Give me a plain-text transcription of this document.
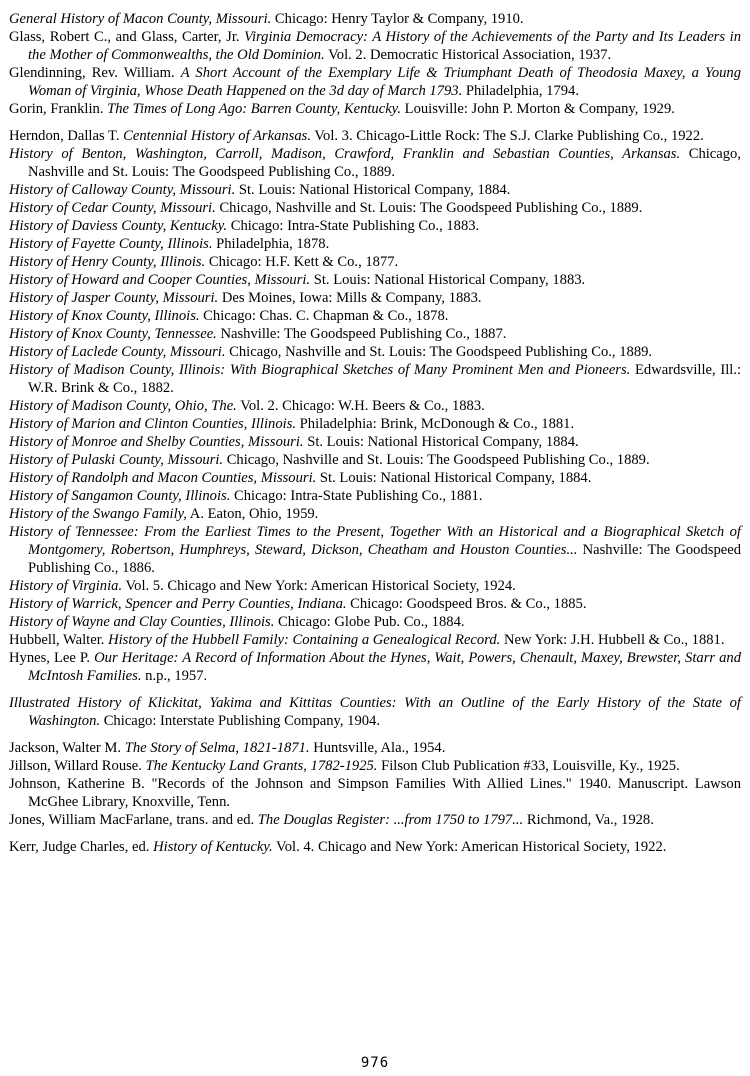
General History of Macon County, Missouri. Chicago: Henry Taylor & Company, 1910.

Glass, Robert C., and Glass, Carter, Jr. Virginia Democracy: A History of the Achievements of the Party and Its Leaders in the Mother of Commonwealths, the Old Dominion. Vol. 2. Democratic Historical Association, 1937.

Glendinning, Rev. William. A Short Account of the Exemplary Life & Triumphant Death of Theodosia Maxey, a Young Woman of Virginia, Whose Death Happened on the 3d day of March 1793. Philadelphia, 1794.

Gorin, Franklin. The Times of Long Ago: Barren County, Kentucky. Louisville: John P. Morton & Company, 1929.

Herndon, Dallas T. Centennial History of Arkansas. Vol. 3. Chicago-Little Rock: The S.J. Clarke Publishing Co., 1922.

History of Benton, Washington, Carroll, Madison, Crawford, Franklin and Sebastian Counties, Arkansas. Chicago, Nashville and St. Louis: The Goodspeed Publishing Co., 1889.

History of Calloway County, Missouri. St. Louis: National Historical Company, 1884.

History of Cedar County, Missouri. Chicago, Nashville and St. Louis: The Goodspeed Publishing Co., 1889.

History of Daviess County, Kentucky. Chicago: Intra-State Publishing Co., 1883.

History of Fayette County, Illinois. Philadelphia, 1878.

History of Henry County, Illinois. Chicago: H.F. Kett & Co., 1877.

History of Howard and Cooper Counties, Missouri. St. Louis: National Historical Company, 1883.

History of Jasper County, Missouri. Des Moines, Iowa: Mills & Company, 1883.

History of Knox County, Illinois. Chicago: Chas. C. Chapman & Co., 1878.

History of Knox County, Tennessee. Nashville: The Goodspeed Publishing Co., 1887.

History of Laclede County, Missouri. Chicago, Nashville and St. Louis: The Goodspeed Publishing Co., 1889.

History of Madison County, Illinois: With Biographical Sketches of Many Prominent Men and Pioneers. Edwardsville, Ill.: W.R. Brink & Co., 1882.

History of Madison County, Ohio, The. Vol. 2. Chicago: W.H. Beers & Co., 1883.

History of Marion and Clinton Counties, Illinois. Philadelphia: Brink, McDonough & Co., 1881.

History of Monroe and Shelby Counties, Missouri. St. Louis: National Historical Company, 1884.

History of Pulaski County, Missouri. Chicago, Nashville and St. Louis: The Goodspeed Publishing Co., 1889.

History of Randolph and Macon Counties, Missouri. St. Louis: National Historical Company, 1884.

History of Sangamon County, Illinois. Chicago: Intra-State Publishing Co., 1881.

History of the Swango Family, A. Eaton, Ohio, 1959.

History of Tennessee: From the Earliest Times to the Present, Together With an Historical and a Biographical Sketch of Montgomery, Robertson, Humphreys, Steward, Dickson, Cheatham and Houston Counties... Nashville: The Goodspeed Publishing Co., 1886.

History of Virginia. Vol. 5. Chicago and New York: American Historical Society, 1924.

History of Warrick, Spencer and Perry Counties, Indiana. Chicago: Goodspeed Bros. & Co., 1885.

History of Wayne and Clay Counties, Illinois. Chicago: Globe Pub. Co., 1884.

Hubbell, Walter. History of the Hubbell Family: Containing a Genealogical Record. New York: J.H. Hubbell & Co., 1881.

Hynes, Lee P. Our Heritage: A Record of Information About the Hynes, Wait, Powers, Chenault, Maxey, Brewster, Starr and McIntosh Families. n.p., 1957.

Illustrated History of Klickitat, Yakima and Kittitas Counties: With an Outline of the Early History of the State of Washington. Chicago: Interstate Publishing Company, 1904.

Jackson, Walter M. The Story of Selma, 1821-1871. Huntsville, Ala., 1954.

Jillson, Willard Rouse. The Kentucky Land Grants, 1782-1925. Filson Club Publication #33, Louisville, Ky., 1925.

Johnson, Katherine B. "Records of the Johnson and Simpson Families With Allied Lines." 1940. Manuscript. Lawson McGhee Library, Knoxville, Tenn.

Jones, William MacFarlane, trans. and ed. The Douglas Register: ...from 1750 to 1797... Richmond, Va., 1928.

Kerr, Judge Charles, ed. History of Kentucky. Vol. 4. Chicago and New York: American Historical Society, 1922.

976
